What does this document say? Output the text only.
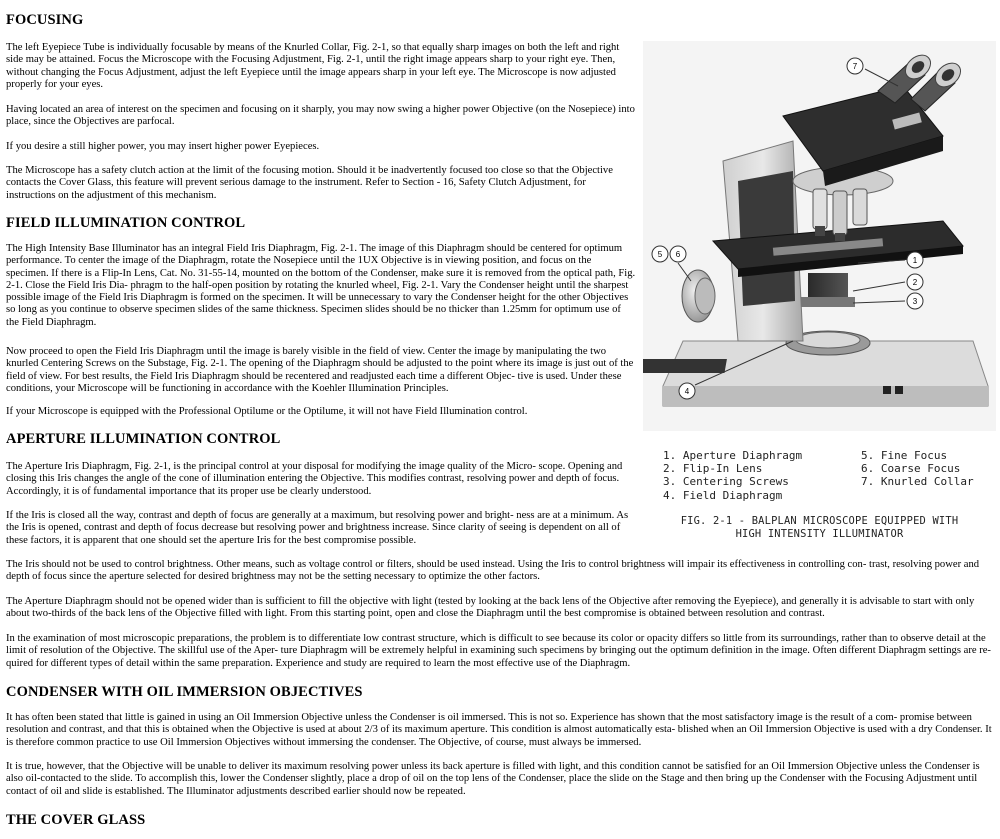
FOCUSING

The left Eyepiece Tube is individually focusable by means of the Knurled Collar, Fig. 2-1, so that equally sharp images on both the left and right side may be attained. Focus the Microscope with the Focusing Adjustment, Fig. 2-1, until the right image appears sharp to your right eye. Then, without changing the Focus Adjustment, adjust the left Eyepiece until the image appears sharp in your left eye. The Microscope is now adjusted properly for your eyes.

Having located an area of interest on the specimen and focusing on it sharply, you may now swing a higher power Objective (on the Nosepiece) into place, since the Objectives are parfocal.

If you desire a still higher power, you may insert higher power Eyepieces.

The Microscope has a safety clutch action at the limit of the focusing motion. Should it be inadvertently focused too close so that the Objective contacts the Cover Glass, this feature will prevent serious damage to the instrument. Refer to Section - 16, Safety Clutch Adjustment, for instructions on the adjustment of this mechanism.

FIELD ILLUMINATION CONTROL

The High Intensity Base Illuminator has an integral Field Iris Diaphragm, Fig. 2-1. The image of this Diaphragm should be centered for optimum performance. To center the image of the Diaphragm, rotate the Nosepiece until the 1UX Objective is in viewing position, and focus on the specimen. If there is a Flip-In Lens, Cat. No. 31-55-14, mounted on the bottom of the Condenser, make sure it is removed from the optical path, Fig. 2-1. Close the Field Iris Dia- phragm to the half-open position by rotating the knurled wheel, Fig. 2-1. Vary the Condenser height until the sharpest possible image of the Field Iris Diaphragm is formed on the specimen. It will be unnecessary to vary the Condenser height for the other Objectives so long as you continue to observe specimen slides of the same thickness. Specimen slides should be no thicker than 1.25mm for optimum use of the Field Diaphragm.

Now proceed to open the Field Iris Diaphragm until the image is barely visible in the field of view. Center the image by manipulating the two knurled Centering Screws on the Substage, Fig. 2-1. The opening of the Diaphragm should be adjusted to the point where its image is just out of the field of view. For best results, the Field Iris Diaphragm should be recentered and readjusted each time a different Objec- tive is used. Under these conditions, your Microscope will be functioning in accordance with the Koehler Illumination Principles.

If your Microscope is equipped with the Professional Optilume or the Optilume, it will not have Field Illumination control.

APERTURE ILLUMINATION CONTROL

The Aperture Iris Diaphragm, Fig. 2-1, is the principal control at your disposal for modifying the image quality of the Micro- scope. Opening and closing this Iris changes the angle of the cone of illumination entering the Objective. This modifies contrast, resolving power and depth of focus. Accordingly, it is of fundamental importance that its proper use be clearly understood.

If the Iris is closed all the way, contrast and depth of focus are generally at a maximum, but resolving power and bright- ness are at a minimum. As the Iris is opened, contrast and depth of focus decrease but resolving power and brightness increase. Since clarity of seeing is dependent on all of these factors, it is apparent that one should set the aperture Iris for the best compromise possible.

The Iris should not be used to control brightness. Other means, such as voltage control or filters, should be used instead. Using the Iris to control brightness will impair its effectiveness in controlling con- trast, resolving power and depth of focus since the aperture selected for desired brightness may not be the setting necessary to optimize the other factors.

The Aperture Diaphragm should not be opened wider than is sufficient to fill the objective with light (tested by looking at the back lens of the Objective after removing the Eyepiece), and generally it is advisable to start with only about two-thirds of the back lens of the Objective filled with light. From this starting point, open and close the Diaphragm until the best compromise is obtained between resolution and contrast.

In the examination of most microscopic preparations, the problem is to differentiate low contrast structure, which is difficult to see because its color or opacity differs so little from its surroundings, rather than to observe detail at the limit of resolution of the Objective. The skillful use of the Aper- ture Diaphragm will be extremely helpful in examining such specimens by bringing out the optimum definition in the image. Often different Diaphragm settings are re- quired for different types of detail within the same preparation. Experience and study are required to learn the most effective use of the Diaphragm.

CONDENSER WITH OIL IMMERSION OBJECTIVES

It has often been stated that little is gained in using an Oil Immersion Objective unless the Condenser is oil immersed. This is not so. Experience has shown that the most satisfactory image is the result of a com- promise between resolution and contrast, and that this is obtained when the Objective is used at about 2/3 of its maximum aperture. This condition is almost automatically esta- blished when an Oil Immersion Objective is used with a dry Condenser. It is therefore common practice to use Oil Immersion Objectives without immersing the condenser. The Objective, of course, must always be immersed.

It is true, however, that the Objective will be unable to deliver its maximum resolving power unless its back aperture is filled with light, and this condition cannot be satisfied for an Oil Immersion Objective unless the Condenser is also oil-contacted to the slide. To accomplish this, lower the Condenser slightly, place a drop of oil on the top lens of the Condenser, place the slide on the Stage and then bring up the Condenser with the Focusing Adjustment until contact of oil and slide is established. The Illuminator adjustments described earlier should now be repeated.

THE COVER GLASS
7
5 6
1
2
3
4
1. Aperture Diaphragm
2. Flip-In Lens
3. Centering Screws
4. Field Diaphragm
5. Fine Focus
6. Coarse Focus
7. Knurled Collar
FIG. 2-1 - BALPLAN MICROSCOPE EQUIPPED WITH
HIGH INTENSITY ILLUMINATOR
